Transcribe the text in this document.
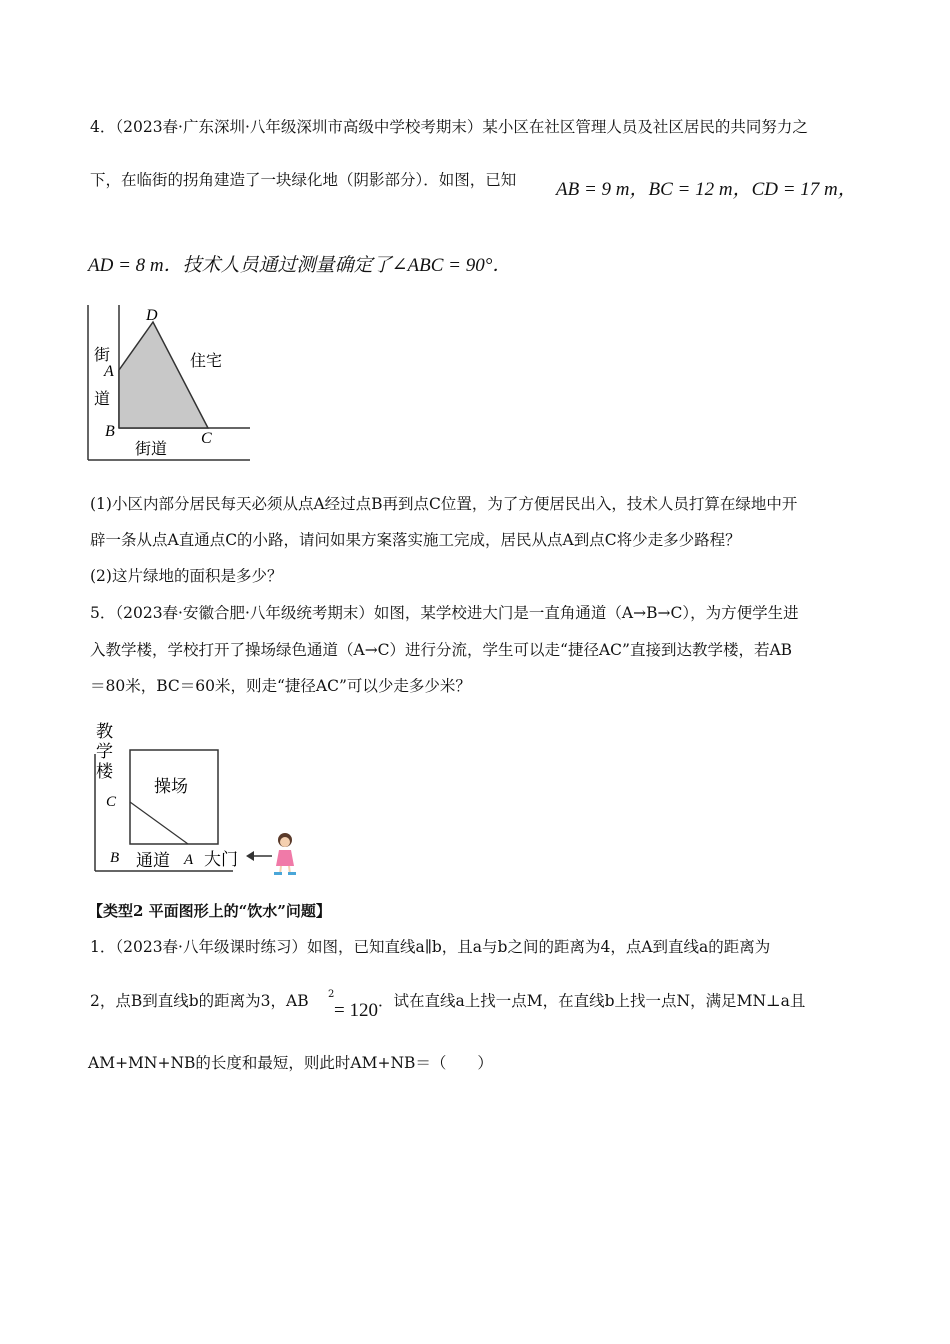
4．（2023春·广东深圳·八年级深圳市高级中学校考期末）某小区在社区管理人员及社区居民的共同努力之
下，在临街的拐角建造了一块绿化地（阴影部分）．如图，已知 AB = 9 m，BC = 12 m，CD = 17 m，
AD = 8 m．技术人员通过测量确定了∠ABC = 90°．
D
A
B	C
街
道
住宅
街道
(1)小区内部分居民每天必须从点A经过点B再到点C位置，为了方便居民出入，技术人员打算在绿地中开
辟一条从点A直通点C的小路，请问如果方案落实施工完成，居民从点A到点C将少走多少路程？
(2)这片绿地的面积是多少？
5．（2023春·安徽合肥·八年级统考期末）如图，某学校进大门是一直角通道（A→B→C），为方便学生进
入教学楼，学校打开了操场绿色通道（A→C）进行分流，学生可以走“捷径AC”直接到达教学楼，若AB
＝80米，BC＝60米，则走“捷径AC”可以少走多少米？
教
学
楼
操场
C
B 通道 A 大门
【类型2 平面图形上的“饮水”问题】
1．（2023春·八年级课时练习）如图，已知直线a∥b，且a与b之间的距离为4，点A到直线a的距离为
2，点B到直线b的距离为3，AB 2
= 120 ．试在直线a上找一点M，在直线b上找一点N，满足MN⊥a且
AM+MN+NB的长度和最短，则此时AM+NB＝（　　）
